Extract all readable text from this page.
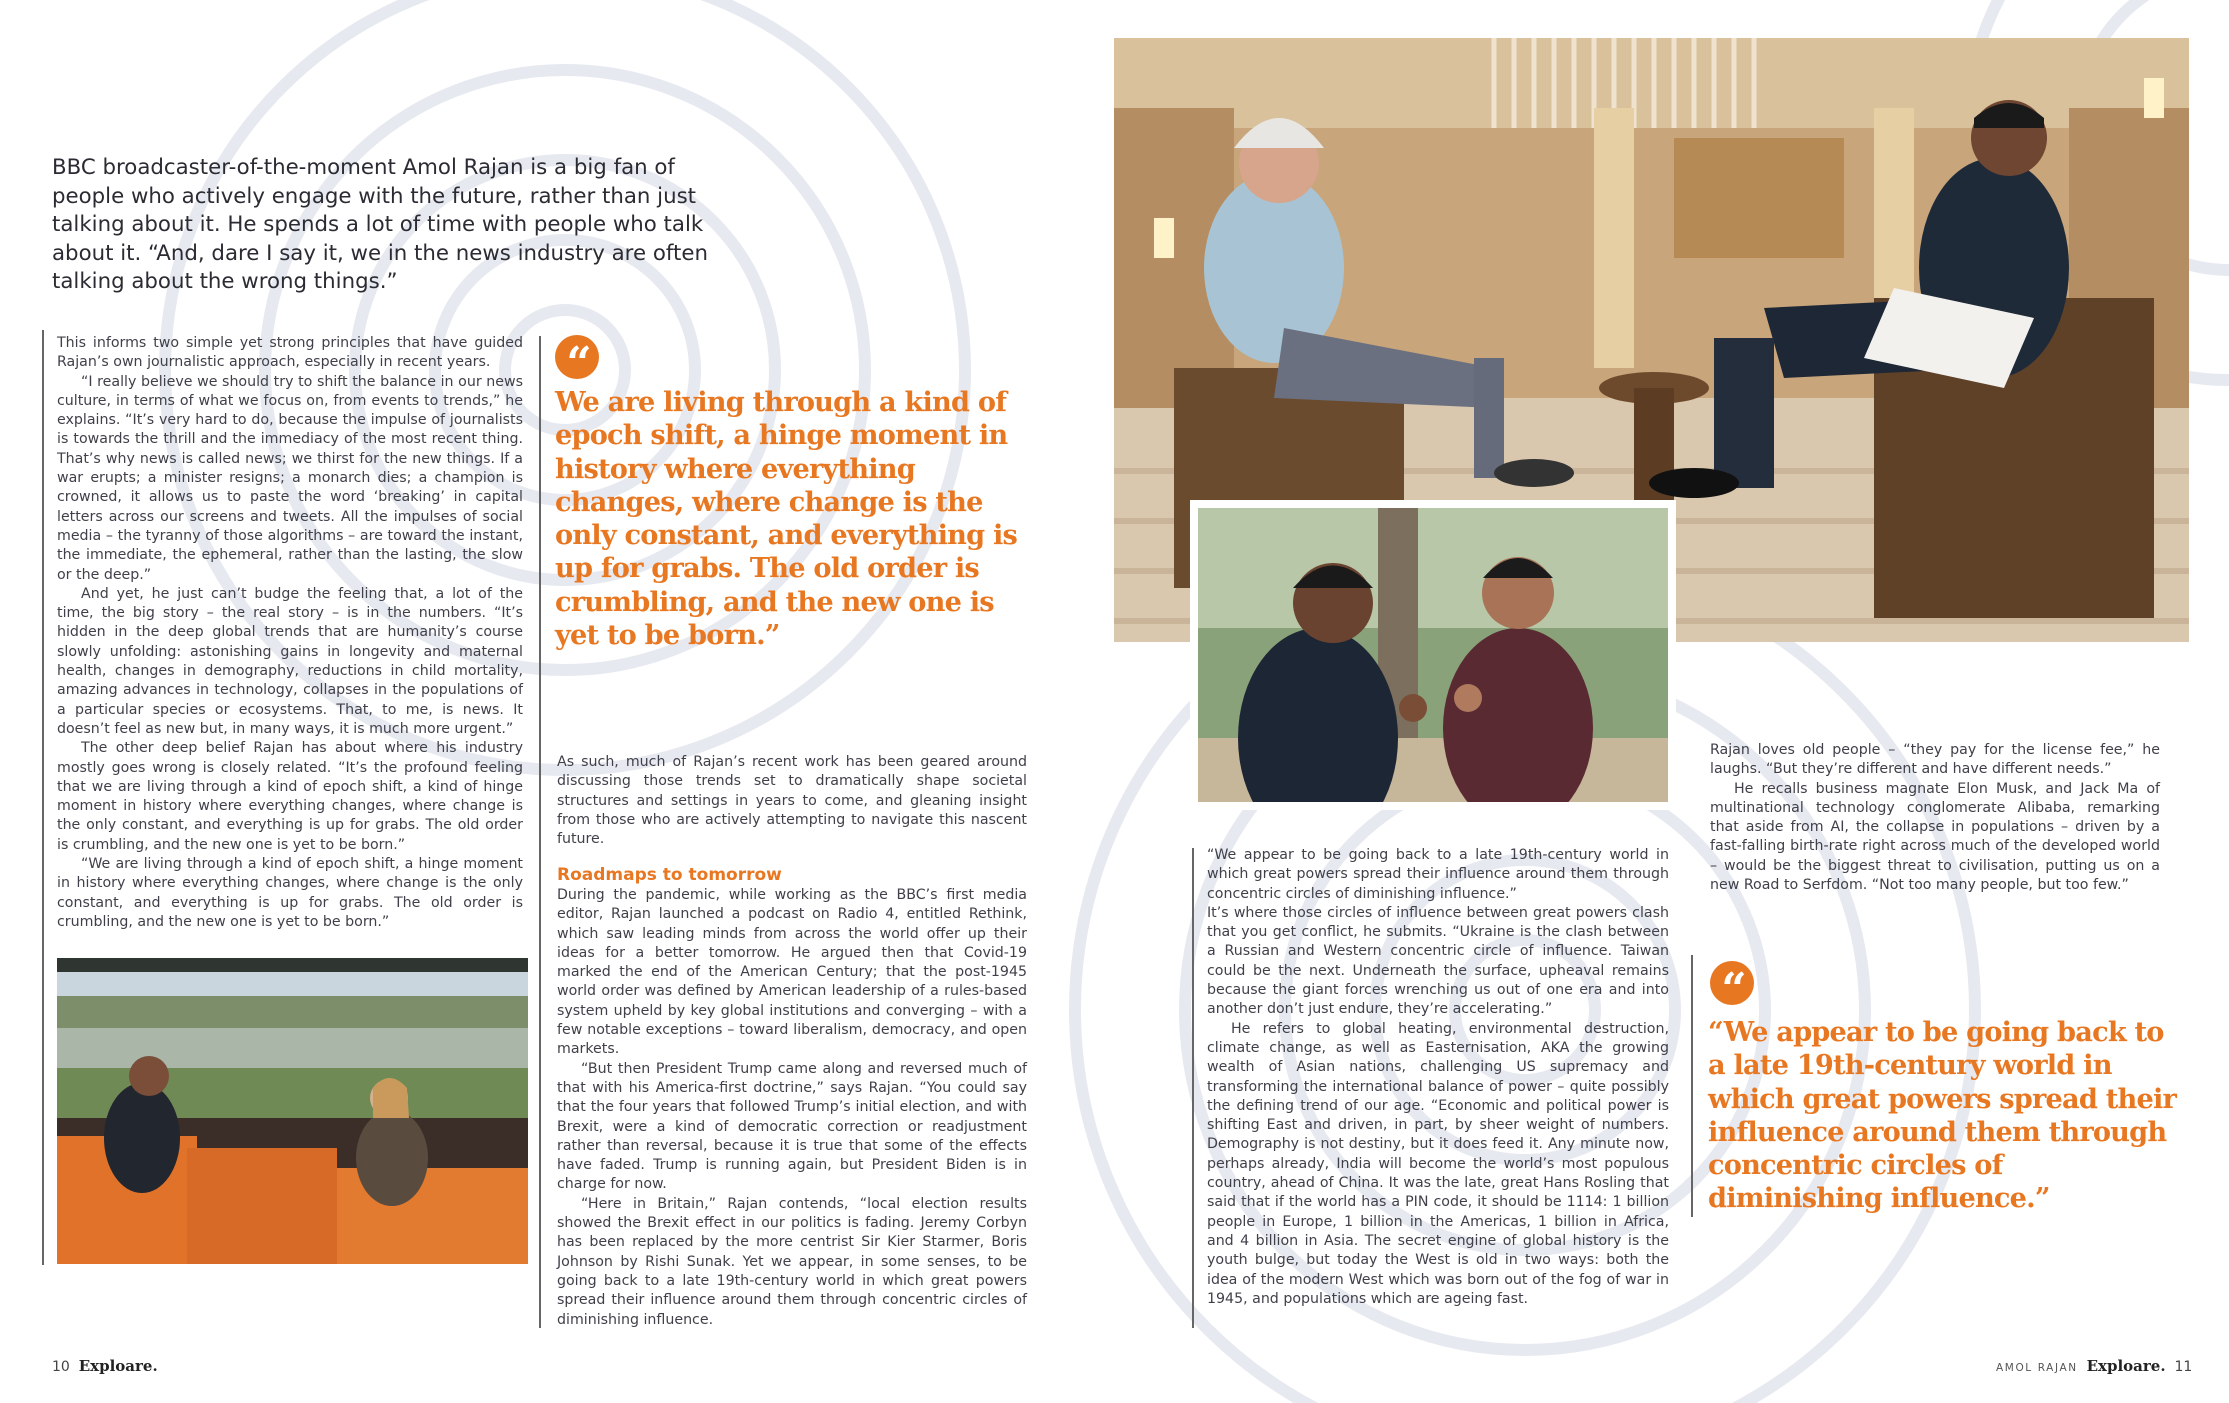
BBC broadcaster-of-the-moment Amol Rajan is a big fan of people who actively engage with the future, rather than just talking about it. He spends a lot of time with people who talk about it. “And, dare I say it, we in the news industry are often talking about the wrong things.”

This informs two simple yet strong principles that have guided Rajan’s own journalistic approach, especially in recent years.

“I really believe we should try to shift the balance in our news culture, in terms of what we focus on, from events to trends,” he explains. “It’s very hard to do, because the impulse of journalists is towards the thrill and the immediacy of the most recent thing. That’s why news is called news; we thirst for the new things. If a war erupts; a minister resigns; a monarch dies; a champion is crowned, it allows us to paste the word ‘breaking’ in capital letters across our screens and tweets. All the impulses of social media – the tyranny of those algorithms – are toward the instant, the immediate, the ephemeral, rather than the lasting, the slow or the deep.”

And yet, he just can’t budge the feeling that, a lot of the time, the big story – the real story – is in the numbers. “It’s hidden in the deep global trends that are humanity’s course slowly unfolding: astonishing gains in longevity and maternal health, changes in demography, reductions in child mortality, amazing advances in technology, collapses in the populations of a particular species or ecosystems. That, to me, is news. It doesn’t feel as new but, in many ways, it is much more urgent.”

The other deep belief Rajan has about where his industry mostly goes wrong is closely related. “It’s the profound feeling that we are living through a kind of epoch shift, a kind of hinge moment in history where everything changes, where change is the only constant, and everything is up for grabs. The old order is crumbling, and the new one is yet to be born.”

“We are living through a kind of epoch shift, a hinge moment in history where everything changes, where change is the only constant, and everything is up for grabs. The old order is crumbling, and the new one is yet to be born.”

“
We are living through a kind of epoch shift, a hinge moment in history where everything changes, where change is the only constant, and everything is up for grabs. The old order is crumbling, and the new one is yet to be born.”

As such, much of Rajan’s recent work has been geared around discussing those trends set to dramatically shape societal structures and settings in years to come, and gleaning insight from those who are actively attempting to navigate this nascent future.

Roadmaps to tomorrow

During the pandemic, while working as the BBC’s first media editor, Rajan launched a podcast on Radio 4, entitled Rethink, which saw leading minds from across the world offer up their ideas for a better tomorrow. He argued then that Covid-19 marked the end of the American Century; that the post-1945 world order was defined by American leadership of a rules-based system upheld by key global institutions and converging – with a few notable exceptions – toward liberalism, democracy, and open markets.

“But then President Trump came along and reversed much of that with his America-first doctrine,” says Rajan. “You could say that the four years that followed Trump’s initial election, and with Brexit, were a kind of democratic correction or readjustment rather than reversal, because it is true that some of the effects have faded. Trump is running again, but President Biden is in charge for now.

“Here in Britain,” Rajan contends, “local election results showed the Brexit effect in our politics is fading. Jeremy Corbyn has been replaced by the more centrist Sir Kier Starmer, Boris Johnson by Rishi Sunak. Yet we appear, in some senses, to be going back to a late 19th-century world in which great powers spread their influence around them through concentric circles of diminishing influence.

10 Exploare.

“We appear to be going back to a late 19th-century world in which great powers spread their influence around them through concentric circles of diminishing influence.”

It’s where those circles of influence between great powers clash that you get conflict, he submits. “Ukraine is the clash between a Russian and Western concentric circle of influence. Taiwan could be the next. Underneath the surface, upheaval remains because the giant forces wrenching us out of one era and into another don’t just endure, they’re accelerating.”

He refers to global heating, environmental destruction, climate change, as well as Easternisation, AKA the growing wealth of Asian nations, challenging US supremacy and transforming the international balance of power – quite possibly the defining trend of our age. “Economic and political power is shifting East and driven, in part, by sheer weight of numbers. Demography is not destiny, but it does feed it. Any minute now, perhaps already, India will become the world’s most populous country, ahead of China. It was the late, great Hans Rosling that said that if the world has a PIN code, it should be 1114: 1 billion people in Europe, 1 billion in the Americas, 1 billion in Africa, and 4 billion in Asia. The secret engine of global history is the youth bulge, but today the West is old in two ways: both the idea of the modern West which was born out of the fog of war in 1945, and populations which are ageing fast.

Rajan loves old people – “they pay for the license fee,” he laughs. “But they’re different and have different needs.”

He recalls business magnate Elon Musk, and Jack Ma of multinational technology conglomerate Alibaba, remarking that aside from AI, the collapse in populations – driven by a fast-falling birth-rate right across much of the developed world – would be the biggest threat to civilisation, putting us on a new Road to Serfdom. “Not too many people, but too few.”

“
“We appear to be going back to a late 19th-century world in which great powers spread their influence around them through concentric circles of diminishing influence.”
AMOL RAJAN Exploare. 11
